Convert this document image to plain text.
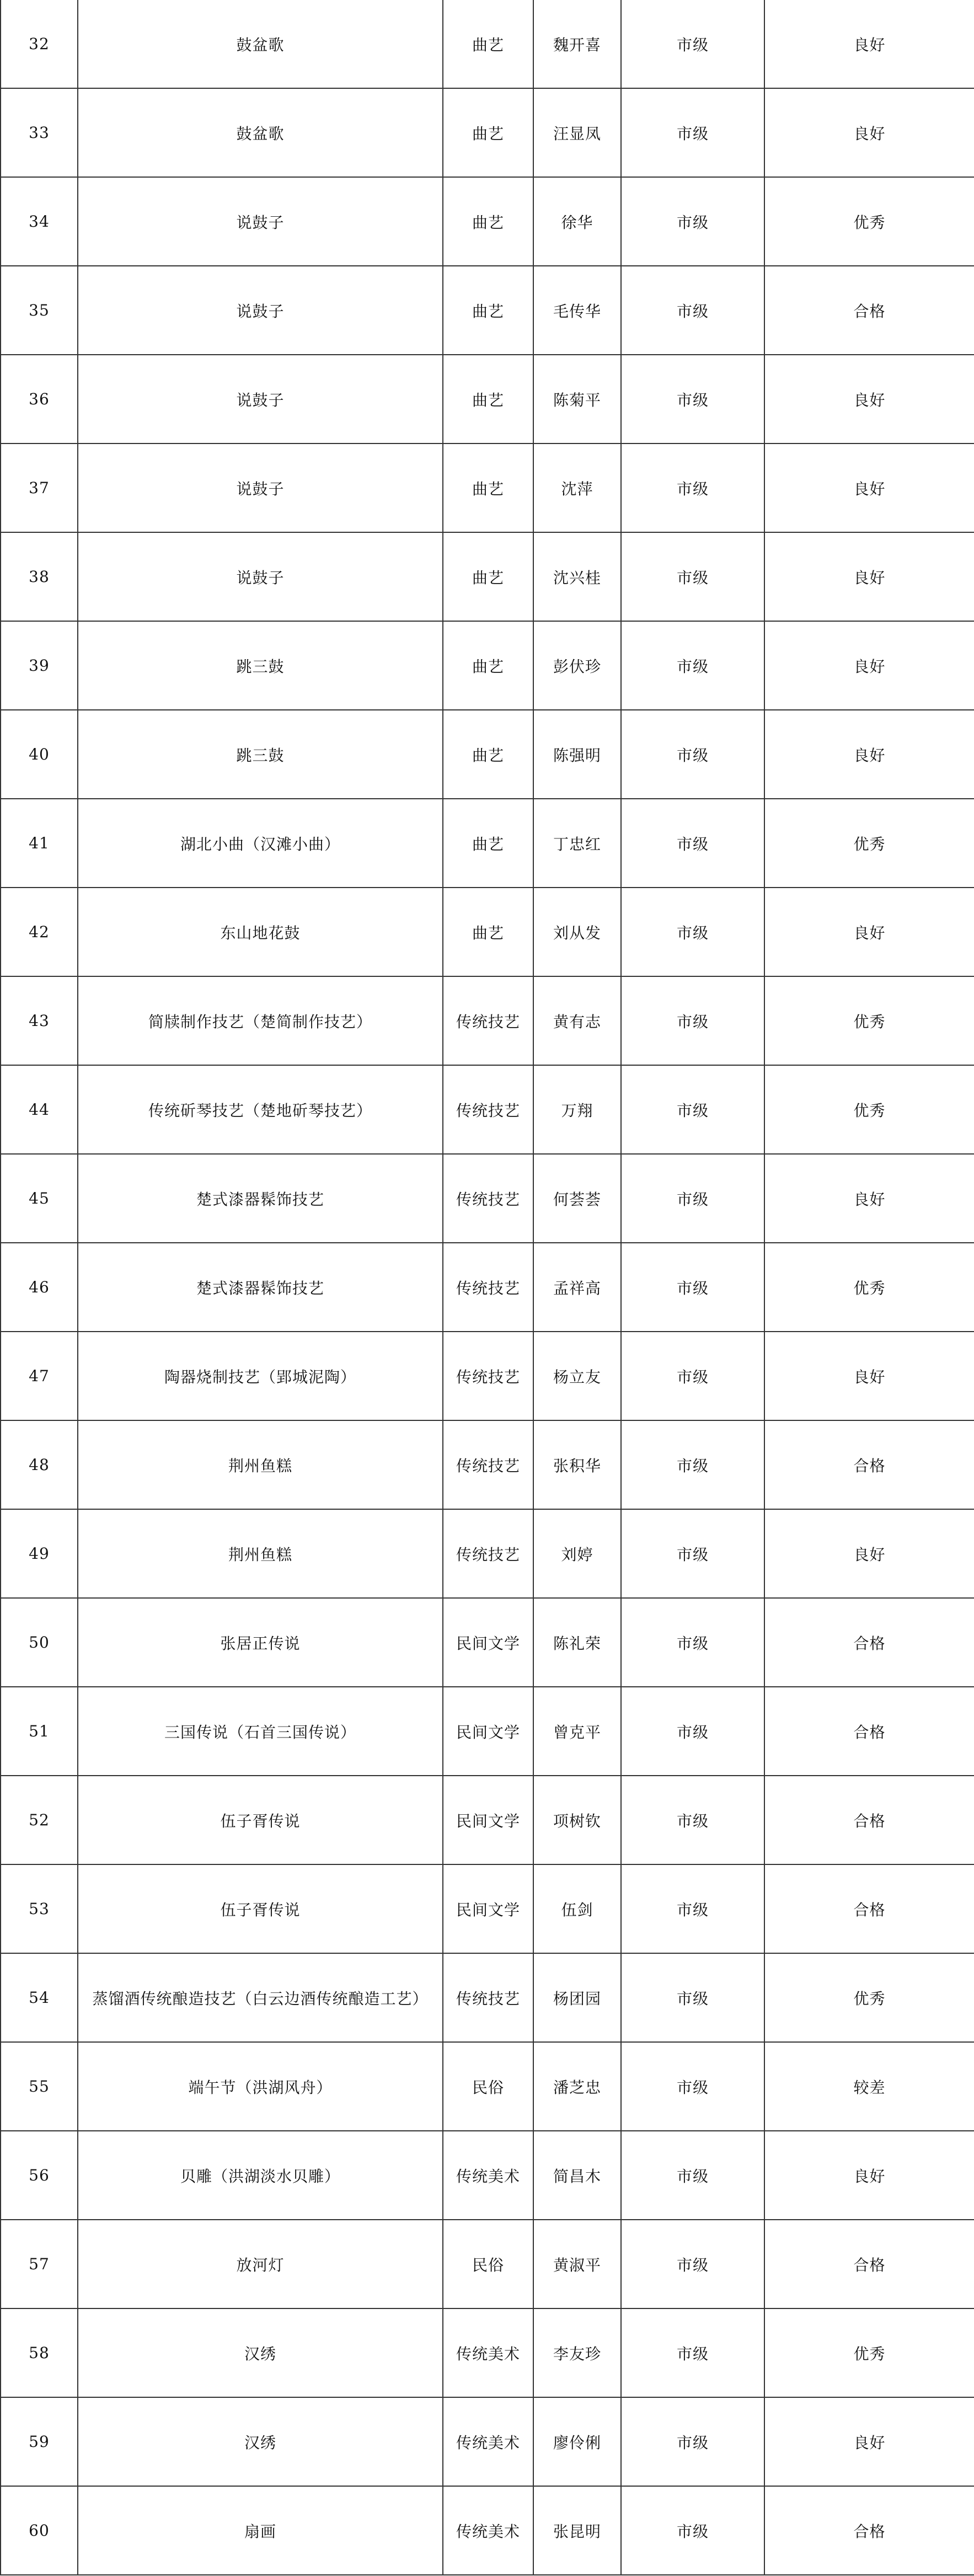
32	鼓盆歌	曲艺	魏开喜	市级	良好
33	鼓盆歌	曲艺	汪显凤	市级	良好
34	说鼓子	曲艺	徐华	市级	优秀
35	说鼓子	曲艺	毛传华	市级	合格
36	说鼓子	曲艺	陈菊平	市级	良好
37	说鼓子	曲艺	沈萍	市级	良好
38	说鼓子	曲艺	沈兴桂	市级	良好
39	跳三鼓	曲艺	彭伏珍	市级	良好
40	跳三鼓	曲艺	陈强明	市级	良好
41	湖北小曲（汉滩小曲）	曲艺	丁忠红	市级	优秀
42	东山地花鼓	曲艺	刘从发	市级	良好
43	简牍制作技艺（楚简制作技艺）	传统技艺	黄有志	市级	优秀
44	传统斫琴技艺（楚地斫琴技艺）	传统技艺	万翔	市级	优秀
45	楚式漆器髹饰技艺	传统技艺	何荟荟	市级	良好
46	楚式漆器髹饰技艺	传统技艺	孟祥高	市级	优秀
47	陶器烧制技艺（郢城泥陶）	传统技艺	杨立友	市级	良好
48	荆州鱼糕	传统技艺	张积华	市级	合格
49	荆州鱼糕	传统技艺	刘婷	市级	良好
50	张居正传说	民间文学	陈礼荣	市级	合格
51	三国传说（石首三国传说）	民间文学	曾克平	市级	合格
52	伍子胥传说	民间文学	项树钦	市级	合格
53	伍子胥传说	民间文学	伍剑	市级	合格
54	蒸馏酒传统酿造技艺（白云边酒传统酿造工艺）	传统技艺	杨团园	市级	优秀
55	端午节（洪湖风舟）	民俗	潘芝忠	市级	较差
56	贝雕（洪湖淡水贝雕）	传统美术	简昌木	市级	良好
57	放河灯	民俗	黄淑平	市级	合格
58	汉绣	传统美术	李友珍	市级	优秀
59	汉绣	传统美术	廖伶俐	市级	良好
60	扇画	传统美术	张昆明	市级	合格
